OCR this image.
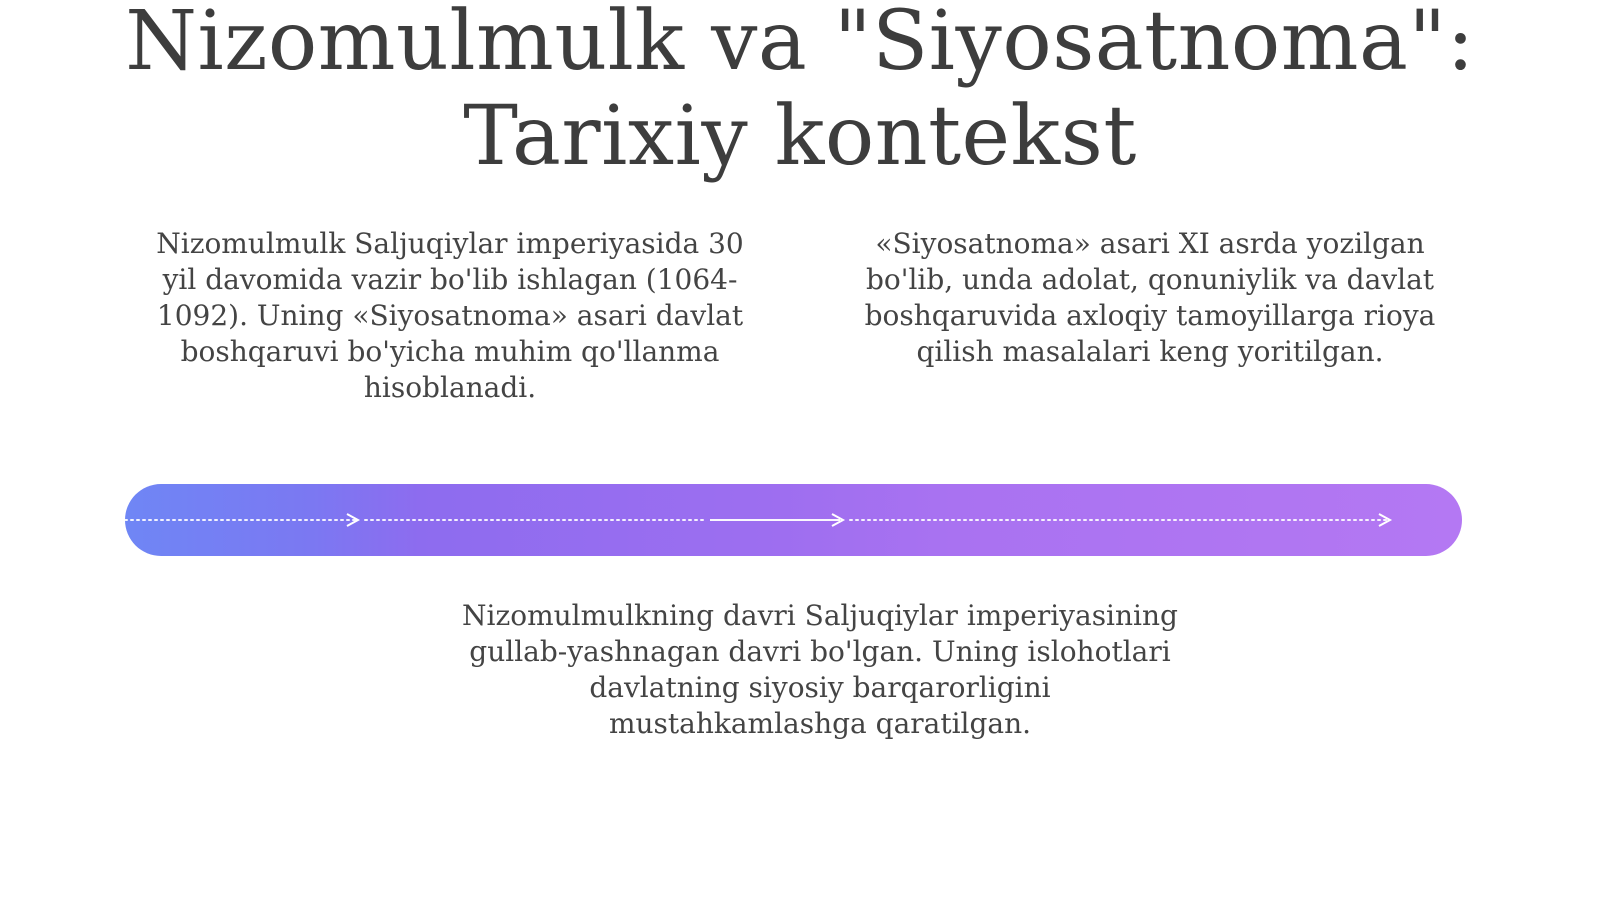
Nizomulmulk va "Siyosatnoma":
Tarixiy kontekst

Nizomulmulk Saljuqiylar imperiyasida 30 yil davomida vazir bo'lib ishlagan (1064-1092). Uning «Siyosatnoma» asari davlat boshqaruvi bo'yicha muhim qo'llanma hisoblanadi.

«Siyosatnoma» asari XI asrda yozilgan bo'lib, unda adolat, qonuniylik va davlat boshqaruvida axloqiy tamoyillarga rioya qilish masalalari keng yoritilgan.

Nizomulmulkning davri Saljuqiylar imperiyasining gullab-yashnagan davri bo'lgan. Uning islohotlari davlatning siyosiy barqarorligini mustahkamlashga qaratilgan.
